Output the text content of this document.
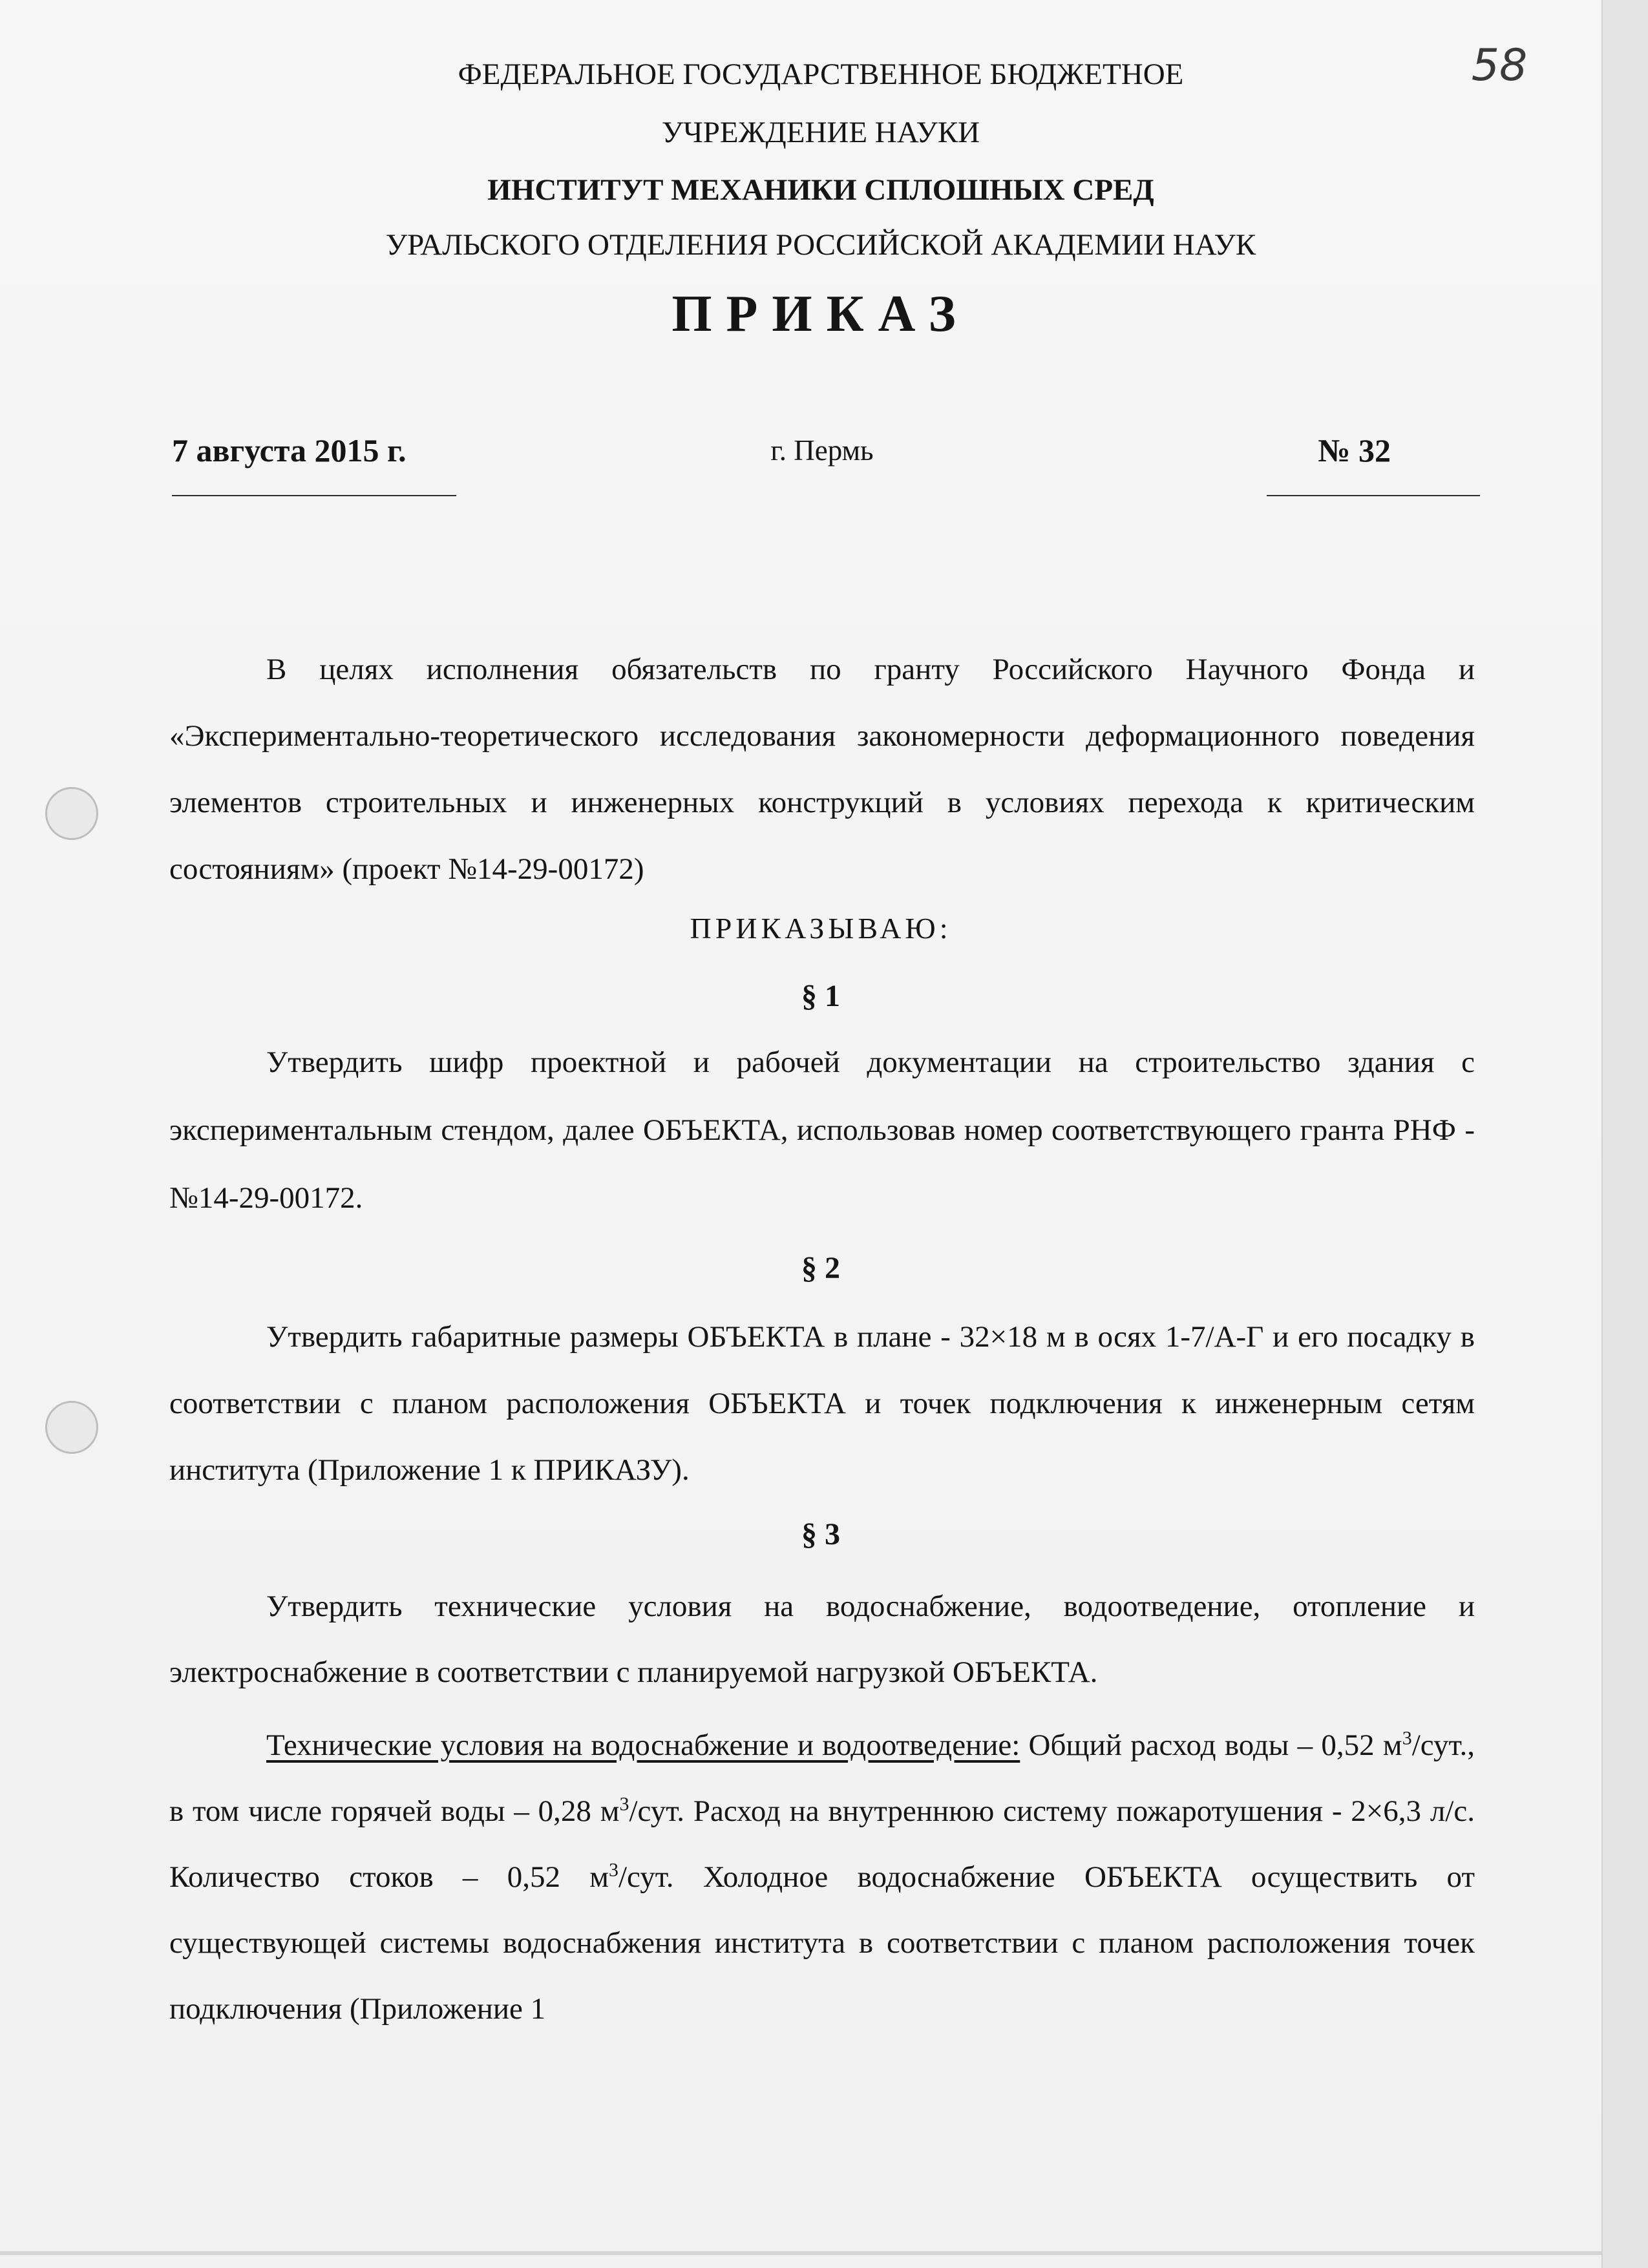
58
ФЕДЕРАЛЬНОЕ ГОСУДАРСТВЕННОЕ БЮДЖЕТНОЕ
УЧРЕЖДЕНИЕ НАУКИ
ИНСТИТУТ МЕХАНИКИ СПЛОШНЫХ СРЕД
УРАЛЬСКОГО ОТДЕЛЕНИЯ РОССИЙСКОЙ АКАДЕМИИ НАУК
ПРИКАЗ
7 августа 2015 г.	г. Пермь	№ 32
В целях исполнения обязательств по гранту Российского Научного Фонда и «Экспериментально-теоретического исследования закономерности деформационного поведения элементов строительных и инженерных конструкций в условиях перехода к критическим состояниям» (проект №14-29-00172)
ПРИКАЗЫВАЮ:
§ 1
Утвердить шифр проектной и рабочей документации на строительство здания с экспериментальным стендом, далее ОБЪЕКТА, использовав номер соответствующего гранта РНФ - №14-29-00172.
§ 2
Утвердить габаритные размеры ОБЪЕКТА в плане - 32×18 м в осях 1-7/А-Г и его посадку в соответствии с планом расположения ОБЪЕКТА и точек подключения к инженерным сетям института (Приложение 1 к ПРИКАЗУ).
§ 3
Утвердить технические условия на водоснабжение, водоотведение, отопление и электроснабжение в соответствии с планируемой нагрузкой ОБЪЕКТА.
Технические условия на водоснабжение и водоотведение: Общий расход воды – 0,52 $м^3$/сут., в том числе горячей воды – 0,28 $м^3$/сут. Расход на внутреннюю систему пожаротушения - 2×6,3 л/с. Количество стоков – 0,52 $м^3$/сут. Холодное водоснабжение ОБЪЕКТА осуществить от существующей системы водоснабжения института в соответствии с планом расположения точек подключения (Приложение 1
